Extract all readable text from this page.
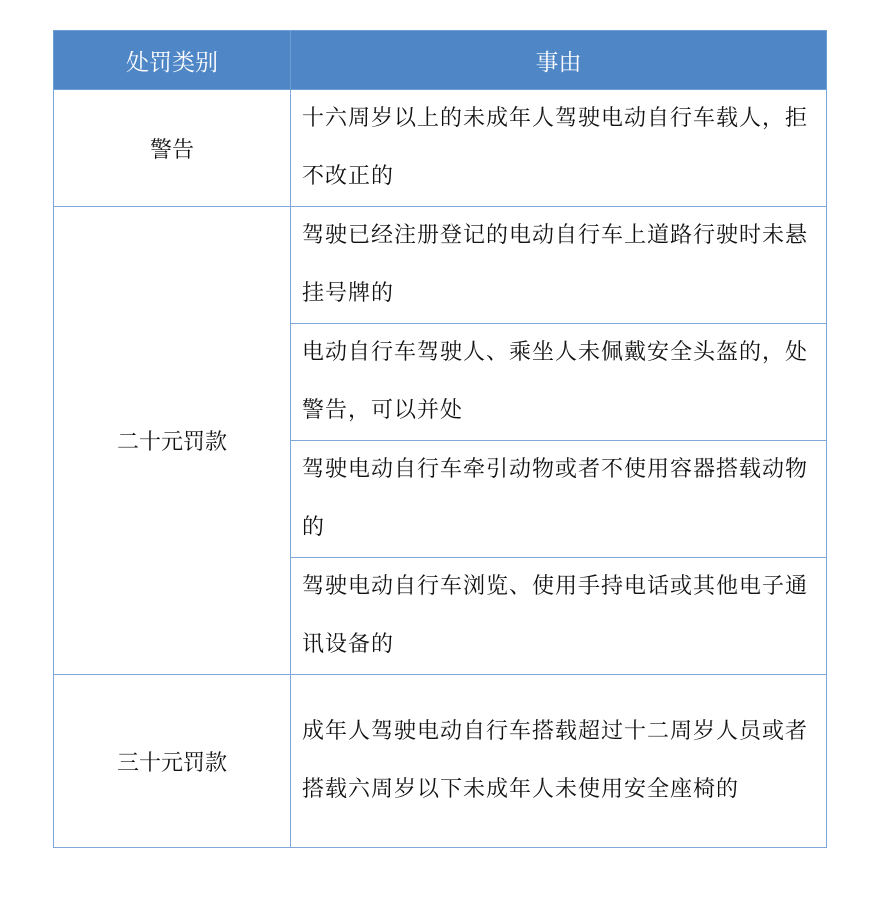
处罚类别	事由
警告	十六周岁以上的未成年人驾驶电动自行车载人，拒不改正的
二十元罚款	驾驶已经注册登记的电动自行车上道路行驶时未悬挂号牌的
	电动自行车驾驶人、乘坐人未佩戴安全头盔的，处警告，可以并处
	驾驶电动自行车牵引动物或者不使用容器搭载动物的
	驾驶电动自行车浏览、使用手持电话或其他电子通讯设备的
三十元罚款	成年人驾驶电动自行车搭载超过十二周岁人员或者搭载六周岁以下未成年人未使用安全座椅的
